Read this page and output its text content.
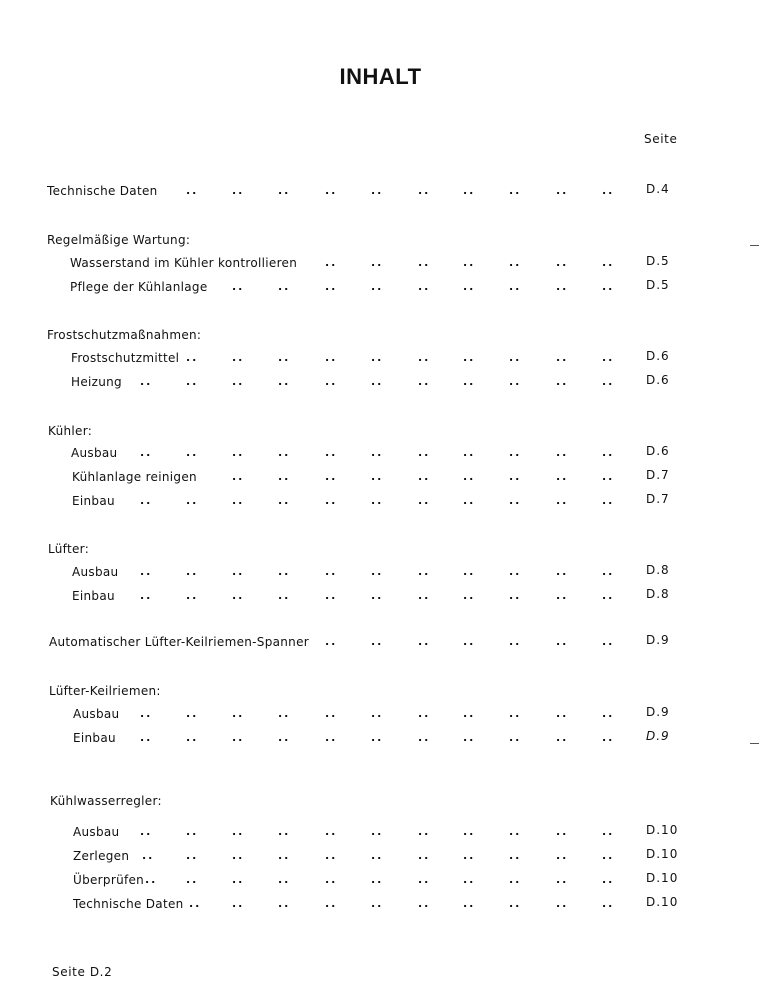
INHALT
Seite
Technische Daten	..	..	..	..	..	..	..	..	..	..	D.4
Regelmäßige Wartung:
Wasserstand im Kühler kontrollieren	..	..	..	..	..	..	..	D.5
Pflege der Kühlanlage ..	..	..	..	..	..	..	..	..	D.5
Frostschutzmaßnahmen:
Frostschutzmittel ..	..	..	..	..	..	..	..	..	..	D.6
Heizung ..	..	..	..	..	..	..	..	..	..	..	D.6
Kühler:
Ausbau ..	..	..	..	..	..	..	..	..	..	..	D.6
Kühlanlage reinigen	..	..	..	..	..	..	..	..	..	D.7
Einbau ..	..	..	..	..	..	..	..	..	..	..	D.7
Lüfter:
Ausbau ..	..	..	..	..	..	..	..	..	..	..	D.8
Einbau ..	..	..	..	..	..	..	..	..	..	..	D.8
Automatischer Lüfter-Keilriemen-Spanner ..	..	..	..	..	..	..	D.9
Lüfter-Keilriemen:
Ausbau ..	..	..	..	..	..	..	..	..	..	..	D.9
Einbau ..	..	..	..	..	..	..	..	..	..	..	D.9
Kühlwasserregler:
Ausbau ..	..	..	..	..	..	..	..	..	..	..	D.10
Zerlegen ..	..	..	..	..	..	..	..	..	..	..	D.10
Überprüfen ..	..	..	..	..	..	..	..	..	..	..	D.10
Technische Daten ..	..	..	..	..	..	..	..	..	..	D.10
Seite D.2
